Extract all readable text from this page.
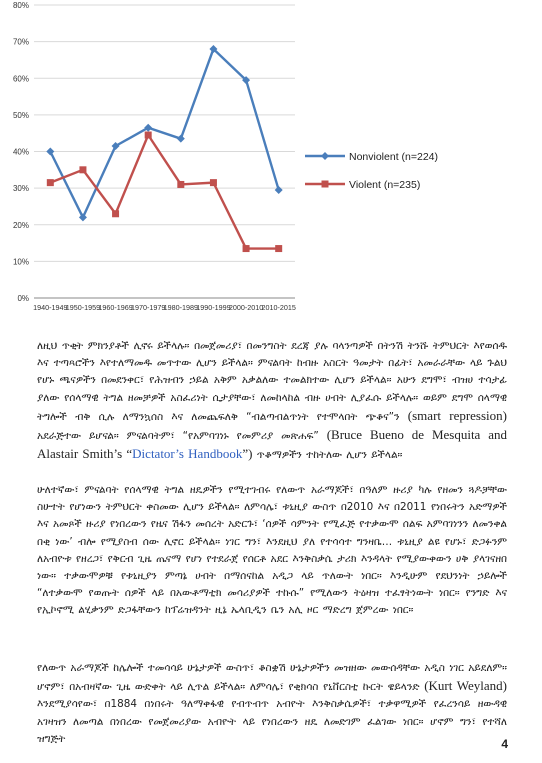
0%
10%
20%
30%
40%
50%
60%
70%
80%
1940-1949
1950-1959
1960-1969
1970-1979
1980-1989
1990-1999
2000-2010
2010-2015
Nonviolent (n=224)
Violent (n=235)

ለዚህ ጥቂት ምክንያቶች ሊኖሩ ይችላሉ። በመጀመሪያ፣ በመንግስት ደረጃ ያሉ ባላንጣዎች በትንሽ ትንሹ ትምህርት እየወሰዱ እና ተጣጻሮችን እየተለማመዱ መጥተው ሊሆን ይችላል። ምናልባት ከብዙ አስርት ዓመታት በፊት፣ አመራራቸው ላይ ጉልህ የሆኑ ጫናዎችን በመደንቀር፣ የሕዝብን ኃይል አቅም አቃልለው ተመልክተው ሊሆን ይችላል። አሁን ደግሞ፣ ብዝሀ ተሳታፊ ያለው የሰላማዊ ትግል ዘመቻዎች አስፈሪነት ሲታያቸው፣ ለመከላከል ብዙ ሀብት ሊያፈሱ ይችላሉ። ወይም ደግሞ ሰላማዊ ትግሎች ብቅ ሲሉ ለማንኳሰስ እና ለመጨፍለቅ “ብልጣብልጥነት የተሞላበት ጭቆና”ን (smart repression) አደራጅተው ይሆናል። ምናልባትም፣ “የአምባገነኑ የመምሪያ መጽሐፍ” (Bruce Bueno de Mesquita and Alastair Smith’s “Dictator’s Handbook”) ጥቆማዎችን ተከትለው ሊሆን ይችላል።

ሁለተኛው፣ ምናልባት የሰላማዊ ትግል ዘዴዎችን የሚተገብሩ የለውጥ አራማጆች፣ በዓለም ዙሪያ ካሉ የዘመን ጓዶቻቸው ስሁተት የሆነውን ትምህርት ቀስመው ሊሆን ይችላል። ለምሳሌ፣ ቱኒዚያ ውስጥ በ2010 እና በ2011 የነበሩትን አድማዎች እና አመጾች ዙሪያ የነበረውን የዜና ሽፋን መሰረት አድርጉ፣ ‘ሰዎች ሳምንት የሚፈጅ የተቃውሞ ሰልፍ አምባገነንን ለመንቀል በቂ ነው’ ብሎ የሚያስብ ሰው ሊኖር ይችላል። ነገር ግን፣ እንደዚህ ያለ የተሳሳተ ግንዛቤ… ቱኒዚያ ልዩ የሆኑ፣ ድጋፉንም ለአብዮቱ የዘረጋ፣ የቅርብ ጊዜ ጤናማ የሆነ የተደራጀ የሰርቶ አደር እንቅስቃሴ ታሪክ እንዳላት የሚያውቀውን ሀቅ ያላገናዘበ ነው። ተቃውሞዎቹ የቱኒዚያን ምጣኔ ሀብት በማሰናከል አዲጋ ላይ ጥለውት ነበር። እንዲሁም የደህንነት ኃይሎች “ለተቃውሞ የወጡት ሰዎች ላይ በአውቶማቲክ መሳሪያዎች ተኩሱ” የሚለውን ትዕዛዝ ተፈፃትነውት ነበር። የንግድ እና የኢኮኖሚ ልሂቃንም ድጋፋቸውን ከፕሬዝዳንት ዚኔ ኤላቢዲን ቤን አሊ ዞር ማድረግ ጀምረው ነበር።

የለውጥ አራማጆች ከሌሎች ተመሳሳይ ሁኔታዎች ውስጥ፣ ቆስቋሽ ሁኔታዎችን መዝዘው መውሰዳቸው አዲስ ነገር አይደለም። ሆኖም፣ በአብዛኛው ጊዜ ውድቀት ላይ ሊጥል ይችላል። ለምሳሌ፣ የቂክሳስ የኒቨርስቲ ኩርት ዌይላንድ (Kurt Weyland) እንደሚያሳየው፣ በ1884 በነበሩት ዓለማቀፋዊ የብጥብጥ አብዮት እንቅስቃሴዎች፣ ተቃዋሚዎች የፈረንሳይ ዘውዳዊ አገዛዝን ለመጣል በነበረው የመጀመሪያው አብዮት ላይ የነበረውን ዘዴ ለመድገም ፈልገው ነበር። ሆኖም ግን፣ የተሻለ ዝግጅት	4
